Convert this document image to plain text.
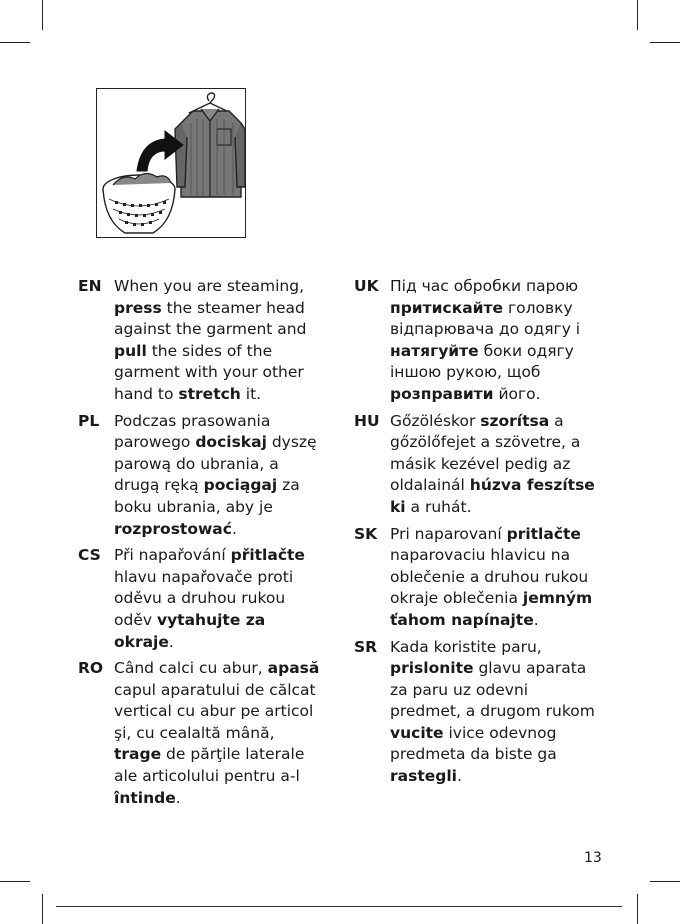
EN When you are steaming, press the steamer head against the garment and pull the sides of the garment with your other hand to stretch it.
PL Podczas prasowania parowego dociskaj dyszę parową do ubrania, a drugą ręką pociągaj za boku ubrania, aby je rozprostować.
CS Při napařování přitlačte hlavu napařovače proti oděvu a druhou rukou oděv vytahujte za okraje.
RO Când calci cu abur, apasă capul aparatului de călcat vertical cu abur pe articol şi, cu cealaltă mână, trage de părţile laterale ale articolului pentru a-l întinde.
UK Під час обробки парою притискайте головку відпарювача до одягу і натягуйте боки одягу іншою рукою, щоб розправити його.
HU Gőzöléskor szorítsa a gőzölőfejet a szövetre, a másik kezével pedig az oldalainál húzva feszítse ki a ruhát.
SK Pri naparovaní pritlačte naparovaciu hlavicu na oblečenie a druhou rukou okraje oblečenia jemným ťahom napínajte.
SR Kada koristite paru, prislonite glavu aparata za paru uz odevni predmet, a drugom rukom vucite ivice odevnog predmeta da biste ga rastegli.
13
